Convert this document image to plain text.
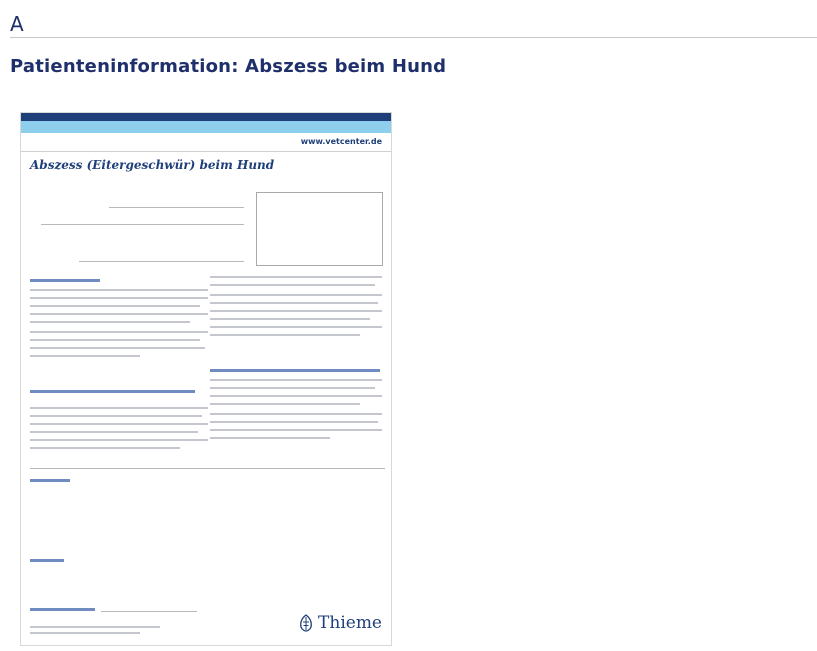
A
Patienteninformation: Abszess beim Hund
www.vetcenter.de
Abszess (Eitergeschwür) beim Hund
Thieme
